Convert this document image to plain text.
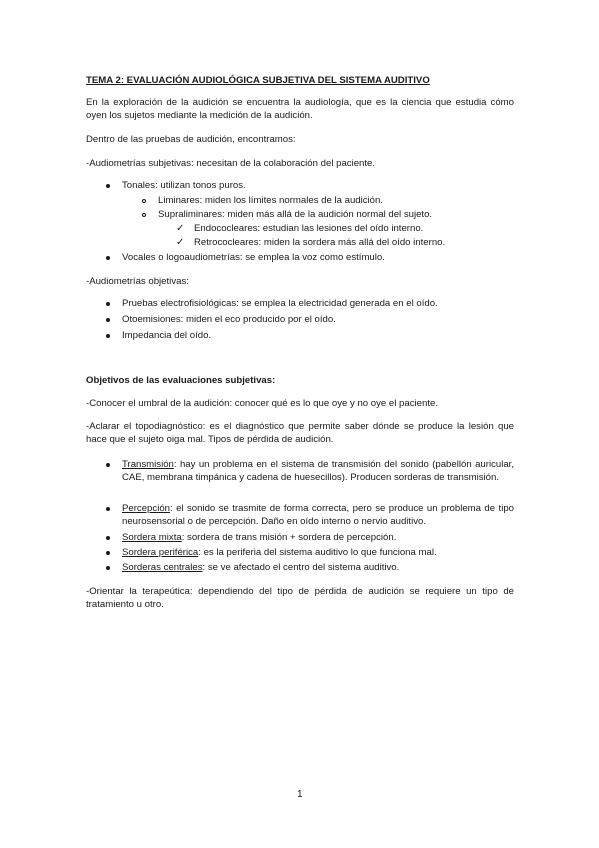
TEMA 2: EVALUACIÓN AUDIOLÓGICA SUBJETIVA DEL SISTEMA AUDITIVO
En la exploración de la audición se encuentra la audiología, que es la ciencia que estudia cómo oyen los sujetos mediante la medición de la audición.
Dentro de las pruebas de audición, encontramos:
-Audiometrías subjetivas: necesitan de la colaboración del paciente.
Tonales: utilizan tonos puros.
Liminares: miden los límites normales de la audición.
Supraliminares: miden más allá de la audición normal del sujeto.
✓ Endococleares: estudian las lesiones del oído interno.
✓ Retrococleares: miden la sordera más allá del oído interno.
Vocales o logoaudiometrías: se emplea la voz como estímulo.
-Audiometrías objetivas:
Pruebas electrofisiológicas: se emplea la electricidad generada en el oído.
Otoemisiones: miden el eco producido por el oído.
Impedancia del oído.
Objetivos de las evaluaciones subjetivas:
-Conocer el umbral de la audición: conocer qué es lo que oye y no oye el paciente.
-Aclarar el topodiagnóstico: es el diagnóstico que permite saber dónde se produce la lesión que hace que el sujeto oiga mal. Tipos de pérdida de audición.
Transmisión: hay un problema en el sistema de transmisión del sonido (pabellón auricular, CAE, membrana timpánica y cadena de huesecillos). Producen sorderas de transmisión.
Percepción: el sonido se trasmite de forma correcta, pero se produce un problema de tipo neurosensorial o de percepción. Daño en oído interno o nervio auditivo.
Sordera mixta: sordera de trans misión + sordera de percepción.
Sordera periférica: es la periferia del sistema auditivo lo que funciona mal.
Sorderas centrales: se ve afectado el centro del sistema auditivo.
-Orientar la terapeútica: dependiendo del tipo de pérdida de audición se requiere un tipo de tratamiento u otro.
1
